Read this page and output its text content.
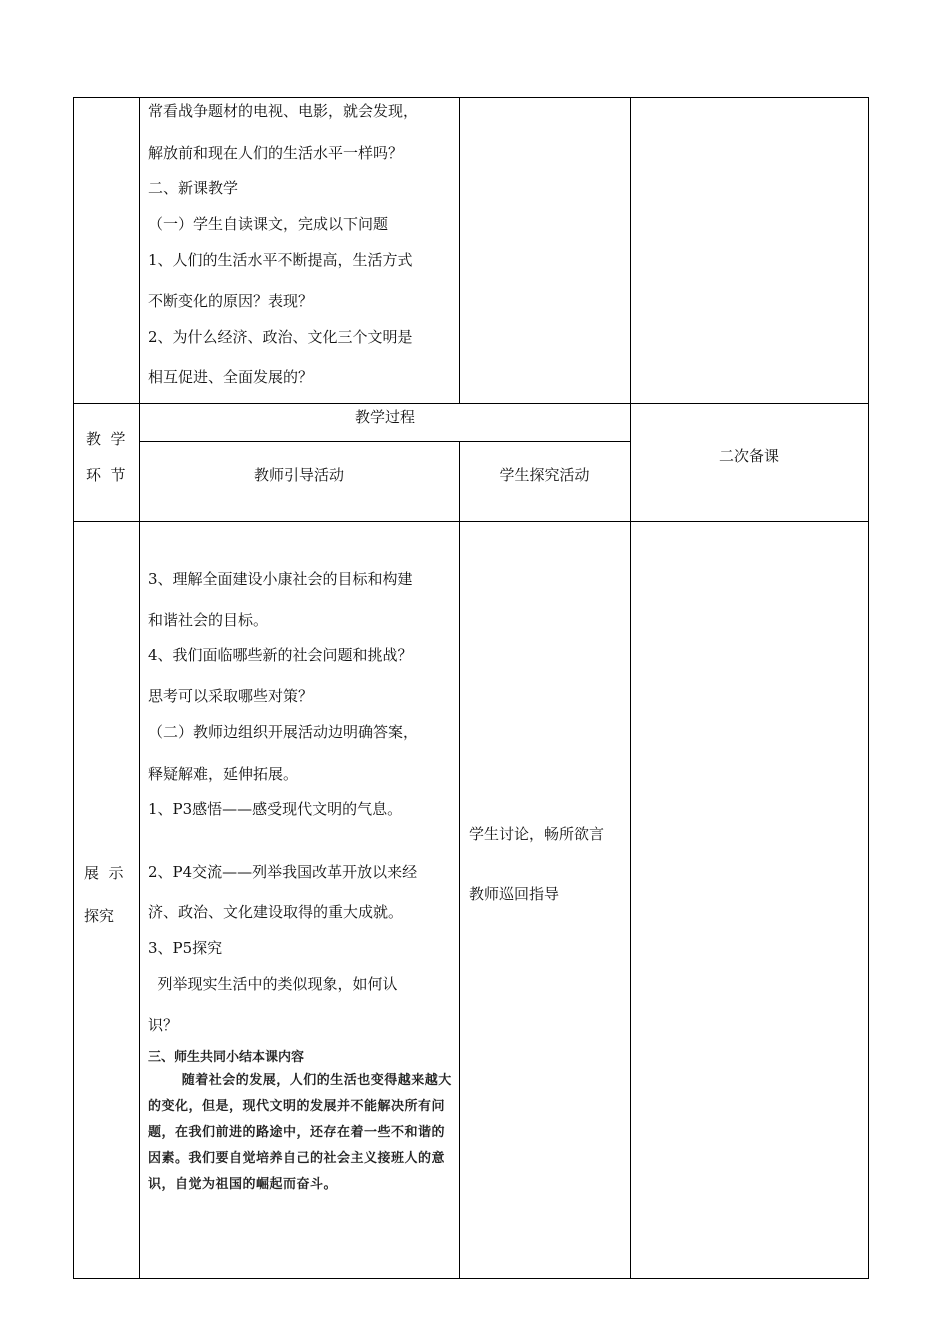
常看战争题材的电视、电影，就会发现，
解放前和现在人们的生活水平一样吗？
二、新课教学
（一）学生自读课文，完成以下问题
1、人们的生活水平不断提高，生活方式
不断变化的原因？表现？
2、为什么经济、政治、文化三个文明是
相互促进、全面发展的？
教  学
环  节
教学过程
教师引导活动	学生探究活动
二次备课
展  示
探究
3、理解全面建设小康社会的目标和构建
和谐社会的目标。
4、我们面临哪些新的社会问题和挑战？
思考可以采取哪些对策？
（二）教师边组织开展活动边明确答案，
释疑解难，延伸拓展。
1、P3感悟——感受现代文明的气息。
2、P4交流——列举我国改革开放以来经
济、政治、文化建设取得的重大成就。
3、P5探究
列举现实生活中的类似现象，如何认
识？
三、师生共同小结本课内容
随着社会的发展，人们的生活也变得越来越大的变化，但是，现代文明的发展并不能解决所有问题，在我们前进的路途中，还存在着一些不和谐的因素。我们要自觉培养自己的社会主义接班人的意识，自觉为祖国的崛起而奋斗。
学生讨论，畅所欲言
教师巡回指导
